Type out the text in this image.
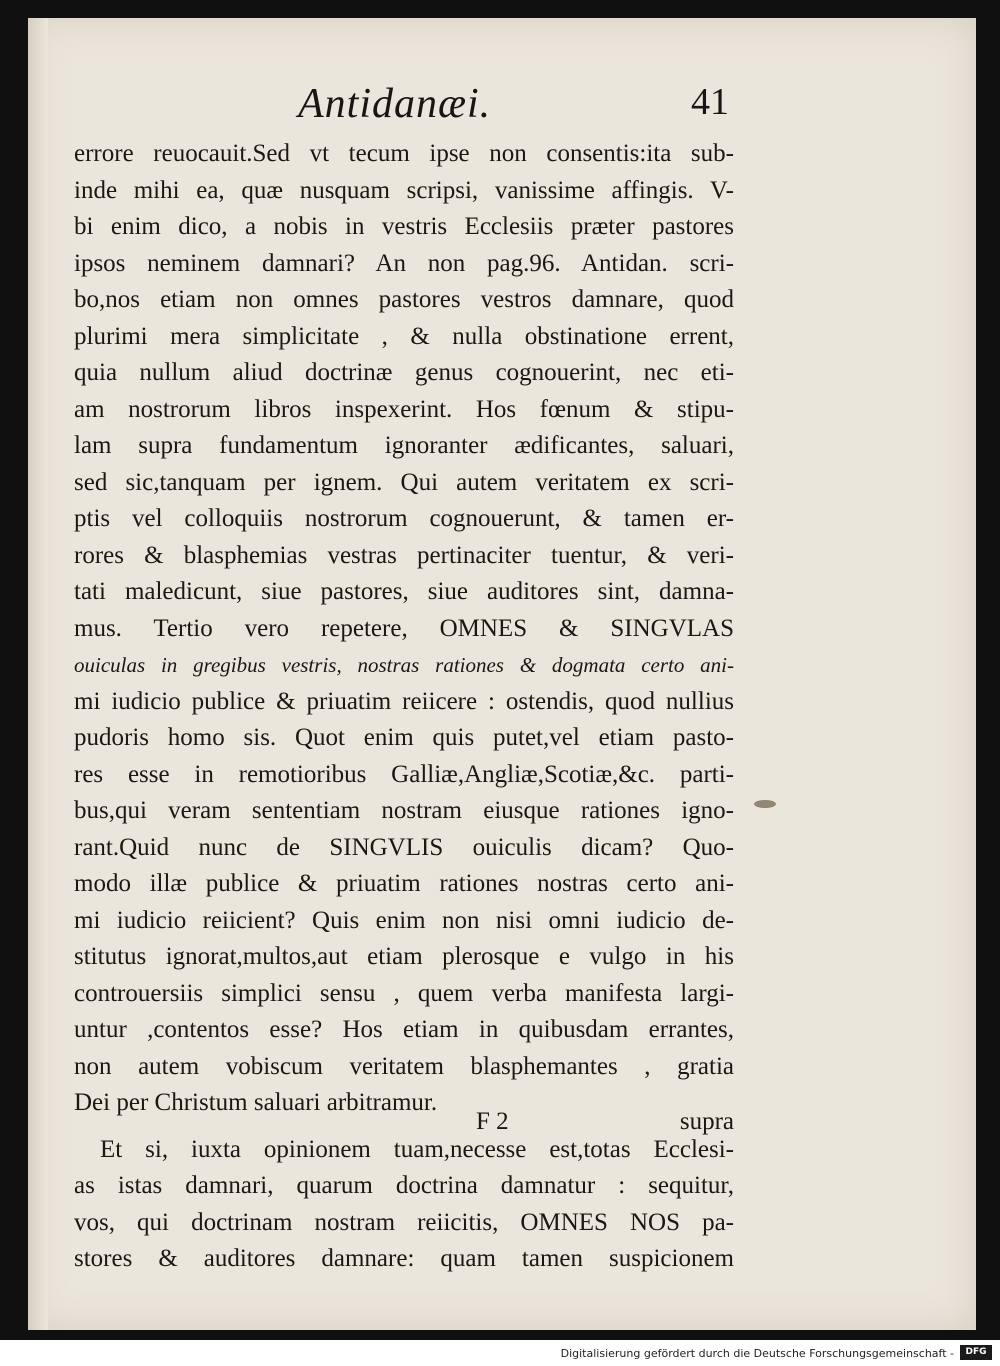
Antidanæi.	41
errore reuocauit.Sed vt tecum ipse non consentis:ita sub-
inde mihi ea, quæ nusquam scripsi, vanissime affingis. V-
bi enim dico, a nobis in vestris Ecclesiis præter pastores
ipsos neminem damnari? An non pag.96. Antidan. scri-
bo,nos etiam non omnes pastores vestros damnare, quod
plurimi mera simplicitate , & nulla obstinatione errent,
quia nullum aliud doctrinæ genus cognouerint, nec eti-
am nostrorum libros inspexerint. Hos fœnum & stipu-
lam supra fundamentum ignoranter ædificantes, saluari,
sed sic,tanquam per ignem. Qui autem veritatem ex scri-
ptis vel colloquiis nostrorum cognouerunt, & tamen er-
rores & blasphemias vestras pertinaciter tuentur, & veri-
tati maledicunt, siue pastores, siue auditores sint, damna-
mus. Tertio vero repetere, OMNES & SINGVLAS
ouiculas in gregibus vestris, nostras rationes & dogmata certo ani-
mi iudicio publice & priuatim reiicere : ostendis, quod nullius
pudoris homo sis. Quot enim quis putet,vel etiam pasto-
res esse in remotioribus Galliæ,Angliæ,Scotiæ,&c. parti-
bus,qui veram sententiam nostram eiusque rationes igno-
rant.Quid nunc de SINGVLIS ouiculis dicam? Quo-
modo illæ publice & priuatim rationes nostras certo ani-
mi iudicio reiicient? Quis enim non nisi omni iudicio de-
stitutus ignorat,multos,aut etiam plerosque e vulgo in his
controuersiis simplici sensu , quem verba manifesta largi-
untur ,contentos esse? Hos etiam in quibusdam errantes,
non autem vobiscum veritatem blasphemantes , gratia
Dei per Christum saluari arbitramur.
Et si, iuxta opinionem tuam,necesse est,totas Ecclesi-
as istas damnari, quarum doctrina damnatur : sequitur,
vos, qui doctrinam nostram reiicitis, OMNES NOS pa-
stores & auditores damnare: quam tamen suspicionem
F 2	supra
Digitalisierung gefördert durch die Deutsche Forschungsgemeinschaft -	DFG
